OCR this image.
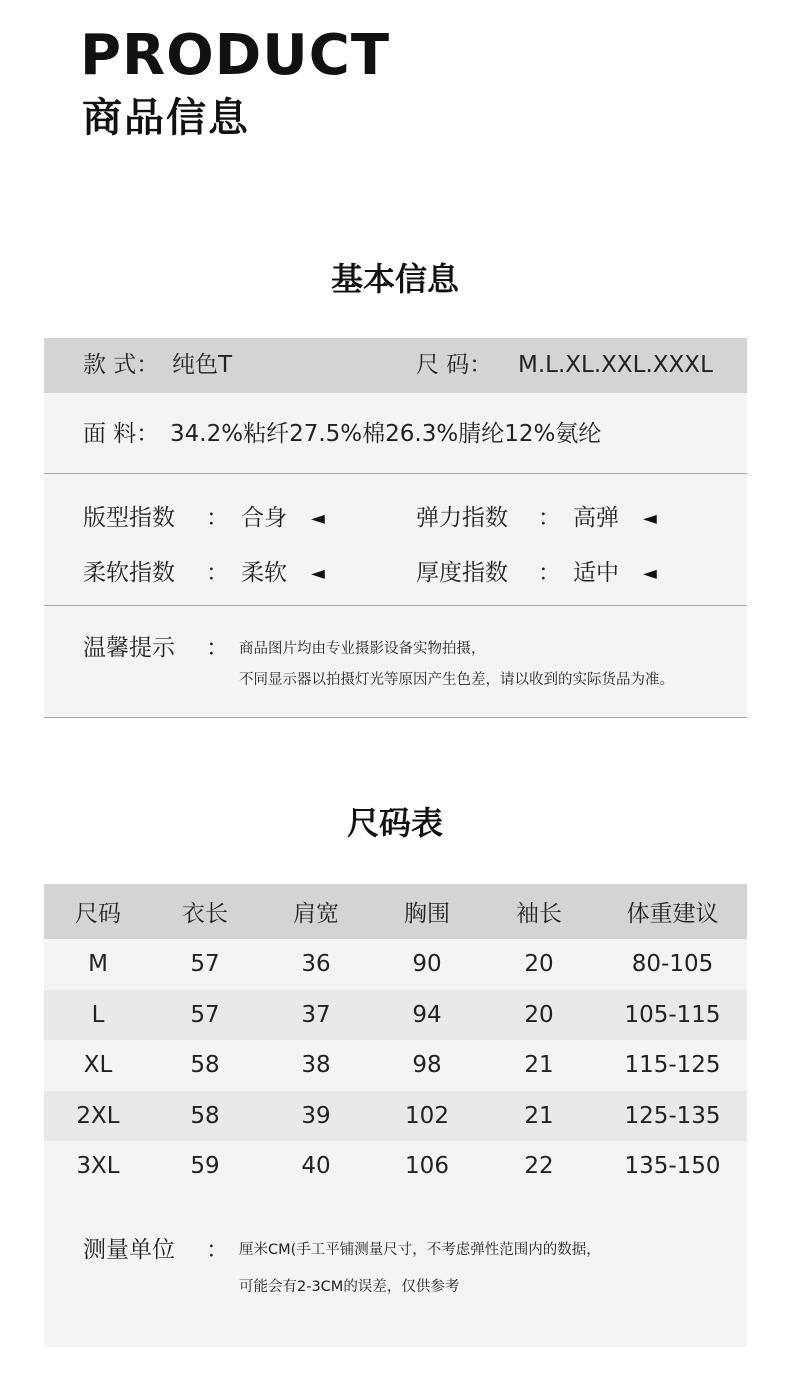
PRODUCT
商品信息
基本信息
款 式： 纯色T	尺 码： M.L.XL.XXL.XXXL
面 料： 34.2%粘纤27.5%棉26.3%腈纶12%氨纶
版型指数 ： 合身 ◄	弹力指数 ： 高弹 ◄
柔软指数 ： 柔软 ◄	厚度指数 ： 适中 ◄
温馨提示 ： 商品图片均由专业摄影设备实物拍摄，
不同显示器以拍摄灯光等原因产生色差，请以收到的实际货品为准。
尺码表
尺码	衣长	肩宽	胸围	袖长	体重建议
M	57	36	90	20	80-105
L	57	37	94	20	105-115
XL	58	38	98	21	115-125
2XL	58	39	102	21	125-135
3XL	59	40	106	22	135-150
测量单位 ： 厘米CM(手工平铺测量尺寸，不考虑弹性范围内的数据，
可能会有2-3CM的误差，仅供参考
